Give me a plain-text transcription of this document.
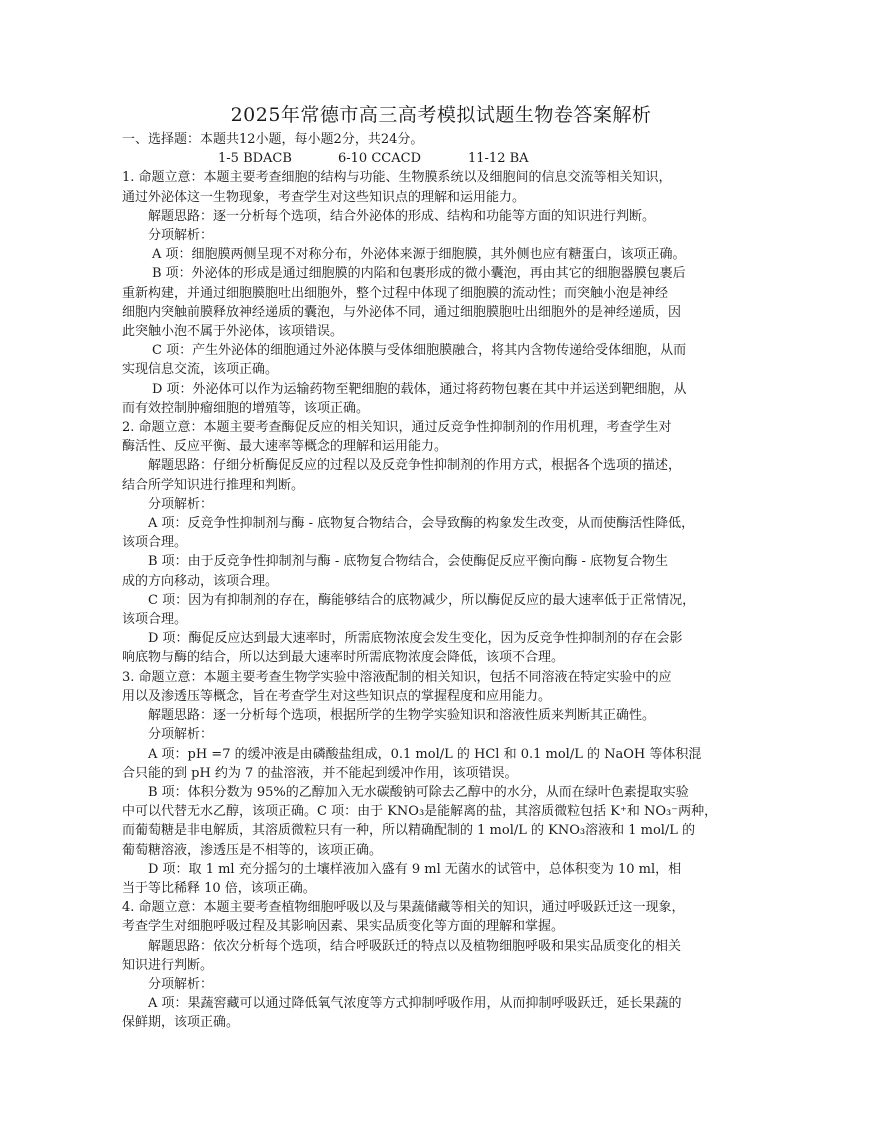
2025年常德市高三高考模拟试题生物卷答案解析
一、选择题：本题共12小题，每小题2分，共24分。
1-5 BDACB	6-10 CCACD	11-12 BA
1. 命题立意：本题主要考查细胞的结构与功能、生物膜系统以及细胞间的信息交流等相关知识，
通过外泌体这一生物现象，考查学生对这些知识点的理解和运用能力。
解题思路：逐一分析每个选项，结合外泌体的形成、结构和功能等方面的知识进行判断。
分项解析：
A 项：细胞膜两侧呈现不对称分布，外泌体来源于细胞膜，其外侧也应有糖蛋白，该项正确。
B 项：外泌体的形成是通过细胞膜的内陷和包裹形成的微小囊泡，再由其它的细胞器膜包裹后
重新构建，并通过细胞膜胞吐出细胞外，整个过程中体现了细胞膜的流动性；而突触小泡是神经
细胞内突触前膜释放神经递质的囊泡，与外泌体不同，通过细胞膜胞吐出细胞外的是神经递质，因
此突触小泡不属于外泌体，该项错误。
C 项：产生外泌体的细胞通过外泌体膜与受体细胞膜融合，将其内含物传递给受体细胞，从而
实现信息交流，该项正确。
D 项：外泌体可以作为运输药物至靶细胞的载体，通过将药物包裹在其中并运送到靶细胞，从
而有效控制肿瘤细胞的增殖等，该项正确。
2. 命题立意：本题主要考查酶促反应的相关知识，通过反竞争性抑制剂的作用机理，考查学生对
酶活性、反应平衡、最大速率等概念的理解和运用能力。
解题思路：仔细分析酶促反应的过程以及反竞争性抑制剂的作用方式，根据各个选项的描述，
结合所学知识进行推理和判断。
分项解析：
A 项：反竞争性抑制剂与酶 - 底物复合物结合，会导致酶的构象发生改变，从而使酶活性降低，
该项合理。
B 项：由于反竞争性抑制剂与酶 - 底物复合物结合，会使酶促反应平衡向酶 - 底物复合物生
成的方向移动，该项合理。
C 项：因为有抑制剂的存在，酶能够结合的底物减少，所以酶促反应的最大速率低于正常情况，
该项合理。
D 项：酶促反应达到最大速率时，所需底物浓度会发生变化，因为反竞争性抑制剂的存在会影
响底物与酶的结合，所以达到最大速率时所需底物浓度会降低，该项不合理。
3. 命题立意：本题主要考查生物学实验中溶液配制的相关知识，包括不同溶液在特定实验中的应
用以及渗透压等概念，旨在考查学生对这些知识点的掌握程度和应用能力。
解题思路：逐一分析每个选项，根据所学的生物学实验知识和溶液性质来判断其正确性。
分项解析：
A 项：pH =7 的缓冲液是由磷酸盐组成，0.1 mol/L 的 HCl 和 0.1 mol/L 的 NaOH 等体积混
合只能的到 pH 约为 7 的盐溶液，并不能起到缓冲作用，该项错误。
B 项：体积分数为 95%的乙醇加入无水碳酸钠可除去乙醇中的水分，从而在绿叶色素提取实验
中可以代替无水乙醇，该项正确。C 项：由于 KNO₃是能解离的盐，其溶质微粒包括 K⁺和 NO₃⁻两种，
而葡萄糖是非电解质，其溶质微粒只有一种，所以精确配制的 1 mol/L 的 KNO₃溶液和 1 mol/L 的
葡萄糖溶液，渗透压是不相等的，该项正确。
D 项：取 1 ml 充分摇匀的土壤样液加入盛有 9 ml 无菌水的试管中，总体积变为 10 ml，相
当于等比稀释 10 倍，该项正确。
4. 命题立意：本题主要考查植物细胞呼吸以及与果蔬储藏等相关的知识，通过呼吸跃迁这一现象，
考查学生对细胞呼吸过程及其影响因素、果实品质变化等方面的理解和掌握。
解题思路：依次分析每个选项，结合呼吸跃迁的特点以及植物细胞呼吸和果实品质变化的相关
知识进行判断。
分项解析：
A 项：果蔬窖藏可以通过降低氧气浓度等方式抑制呼吸作用，从而抑制呼吸跃迁，延长果蔬的
保鲜期，该项正确。
